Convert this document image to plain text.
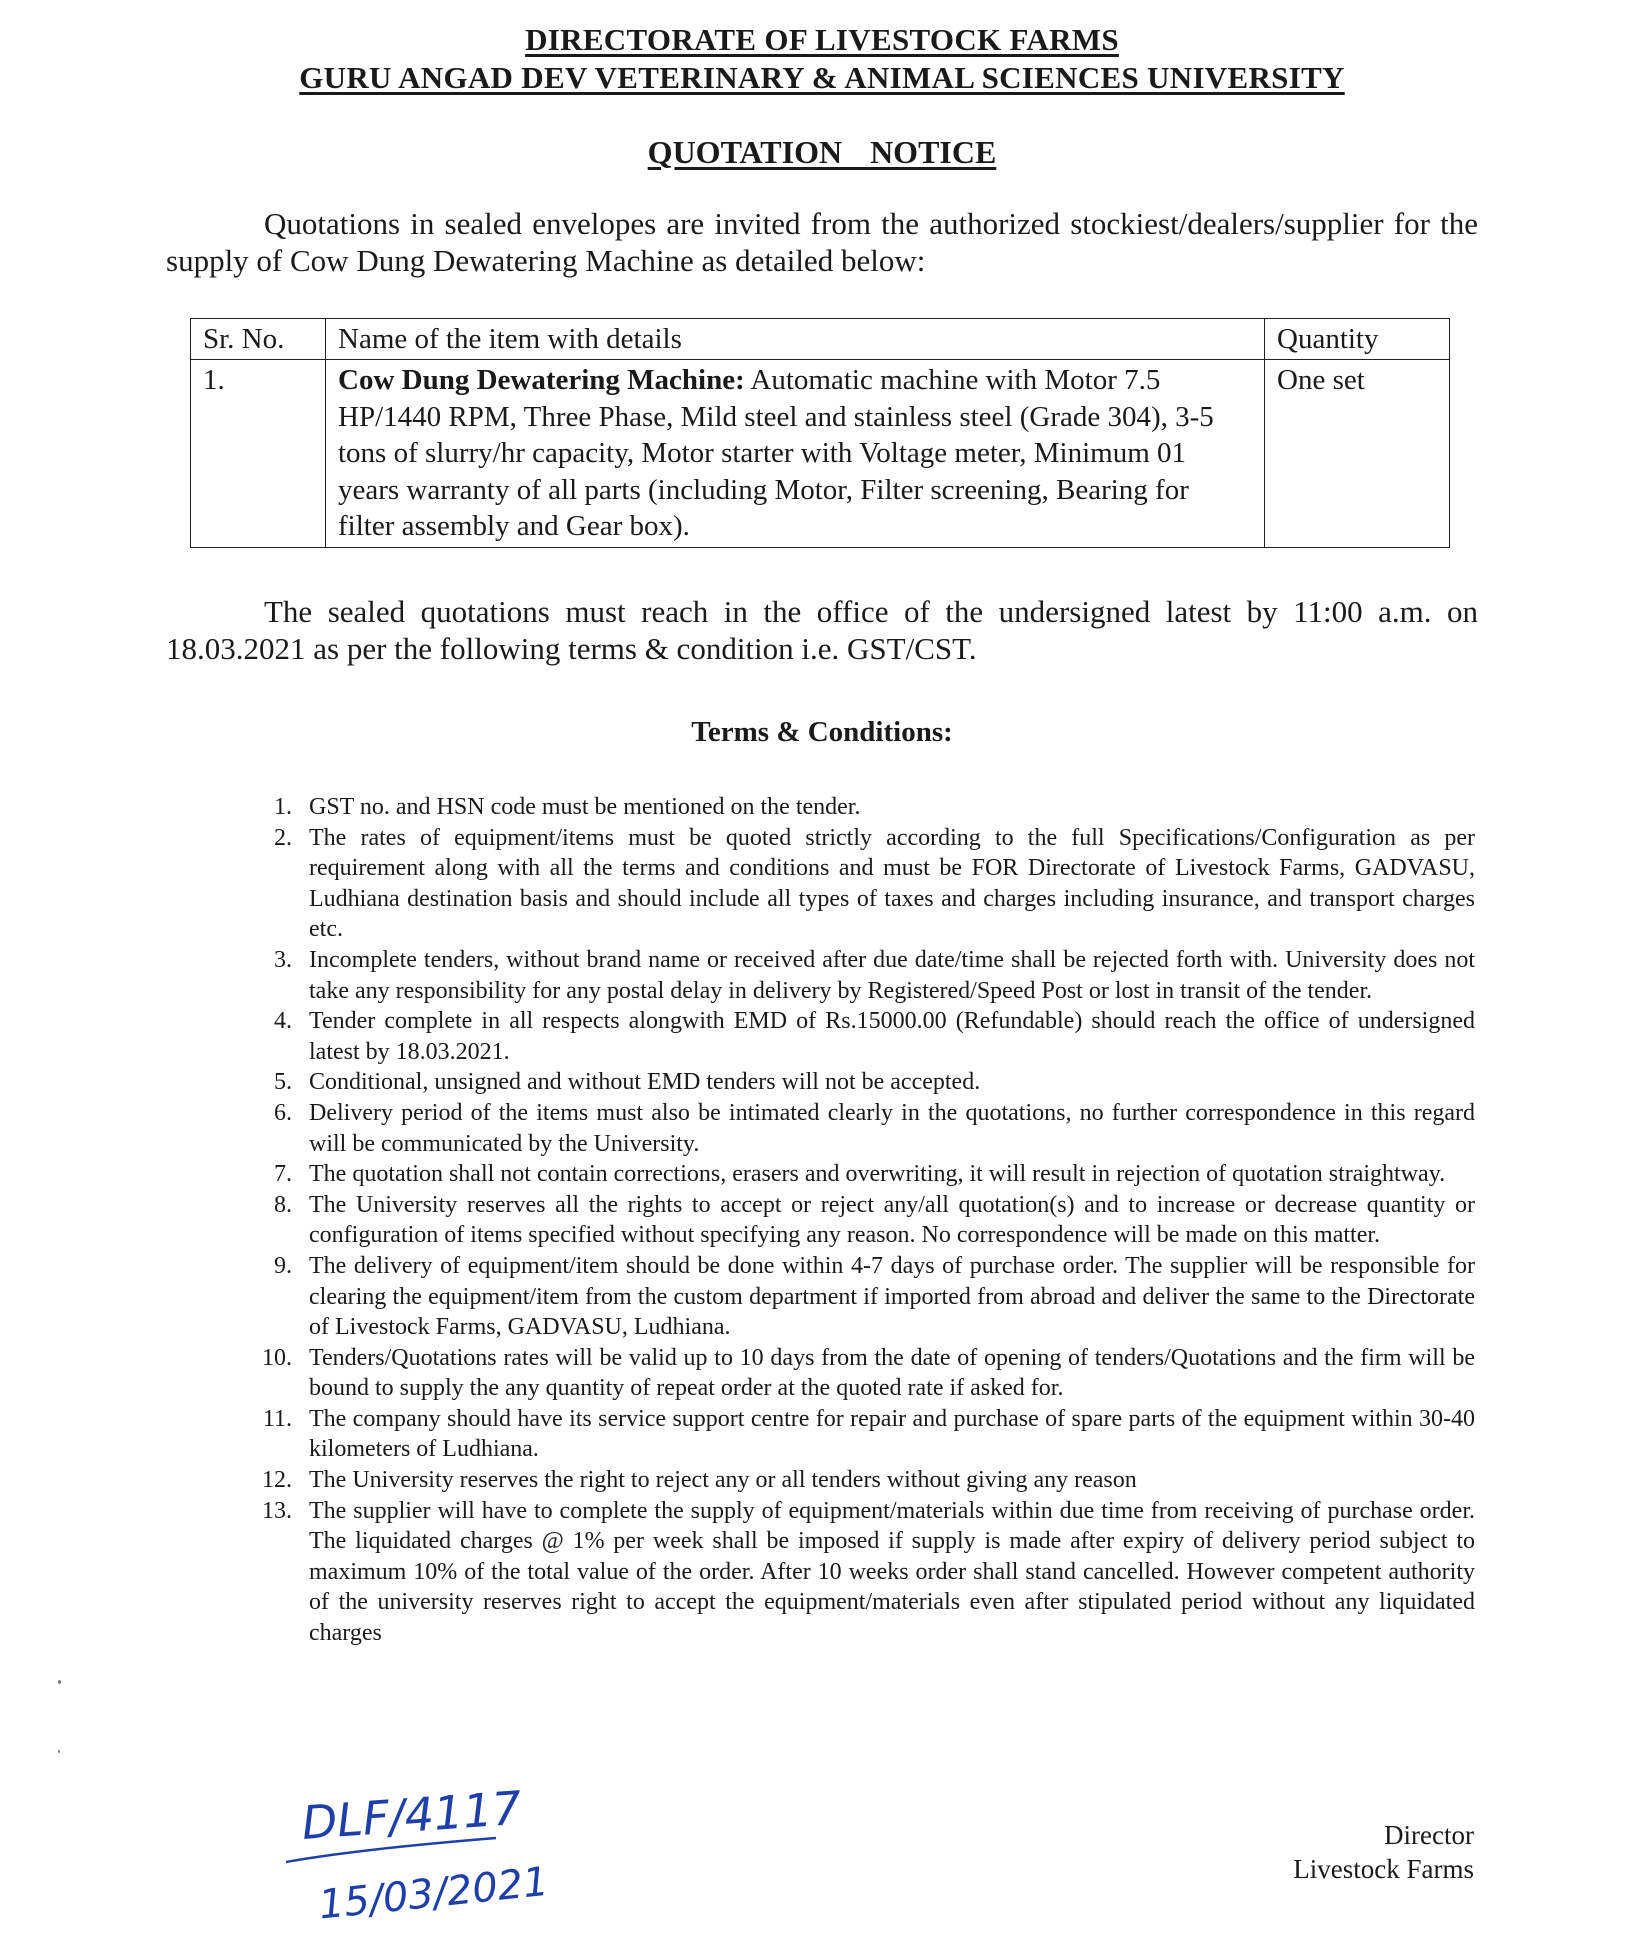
DIRECTORATE OF LIVESTOCK FARMS
GURU ANGAD DEV VETERINARY & ANIMAL SCIENCES UNIVERSITY
QUOTATION  NOTICE
Quotations in sealed envelopes are invited from the authorized stockiest/dealers/supplier for the supply of Cow Dung Dewatering Machine as detailed below:
Sr. No.	Name of the item with details	Quantity
1.	Cow Dung Dewatering Machine: Automatic machine with Motor 7.5 HP/1440 RPM, Three Phase, Mild steel and stainless steel (Grade 304), 3-5 tons of slurry/hr capacity, Motor starter with Voltage meter, Minimum 01 years warranty of all parts (including Motor, Filter screening, Bearing for filter assembly and Gear box).	One set
The sealed quotations must reach in the office of the undersigned latest by 11:00 a.m. on 18.03.2021 as per the following terms & condition i.e. GST/CST.
Terms & Conditions:
1. GST no. and HSN code must be mentioned on the tender.
2. The rates of equipment/items must be quoted strictly according to the full Specifications/Configuration as per requirement along with all the terms and conditions and must be FOR Directorate of Livestock Farms, GADVASU, Ludhiana destination basis and should include all types of taxes and charges including insurance, and transport charges etc.
3. Incomplete tenders, without brand name or received after due date/time shall be rejected forth with. University does not take any responsibility for any postal delay in delivery by Registered/Speed Post or lost in transit of the tender.
4. Tender complete in all respects alongwith EMD of Rs.15000.00 (Refundable) should reach the office of undersigned latest by 18.03.2021.
5. Conditional, unsigned and without EMD tenders will not be accepted.
6. Delivery period of the items must also be intimated clearly in the quotations, no further correspondence in this regard will be communicated by the University.
7. The quotation shall not contain corrections, erasers and overwriting, it will result in rejection of quotation straightway.
8. The University reserves all the rights to accept or reject any/all quotation(s) and to increase or decrease quantity or configuration of items specified without specifying any reason. No correspondence will be made on this matter.
9. The delivery of equipment/item should be done within 4-7 days of purchase order. The supplier will be responsible for clearing the equipment/item from the custom department if imported from abroad and deliver the same to the Directorate of Livestock Farms, GADVASU, Ludhiana.
10. Tenders/Quotations rates will be valid up to 10 days from the date of opening of tenders/Quotations and the firm will be bound to supply the any quantity of repeat order at the quoted rate if asked for.
11. The company should have its service support centre for repair and purchase of spare parts of the equipment within 30-40 kilometers of Ludhiana.
12. The University reserves the right to reject any or all tenders without giving any reason
13. The supplier will have to complete the supply of equipment/materials within due time from receiving of purchase order. The liquidated charges @ 1% per week shall be imposed if supply is made after expiry of delivery period subject to maximum 10% of the total value of the order. After 10 weeks order shall stand cancelled. However competent authority of the university reserves right to accept the equipment/materials even after stipulated period without any liquidated charges
DLF/4117
15/03/2021
Director
Livestock Farms
